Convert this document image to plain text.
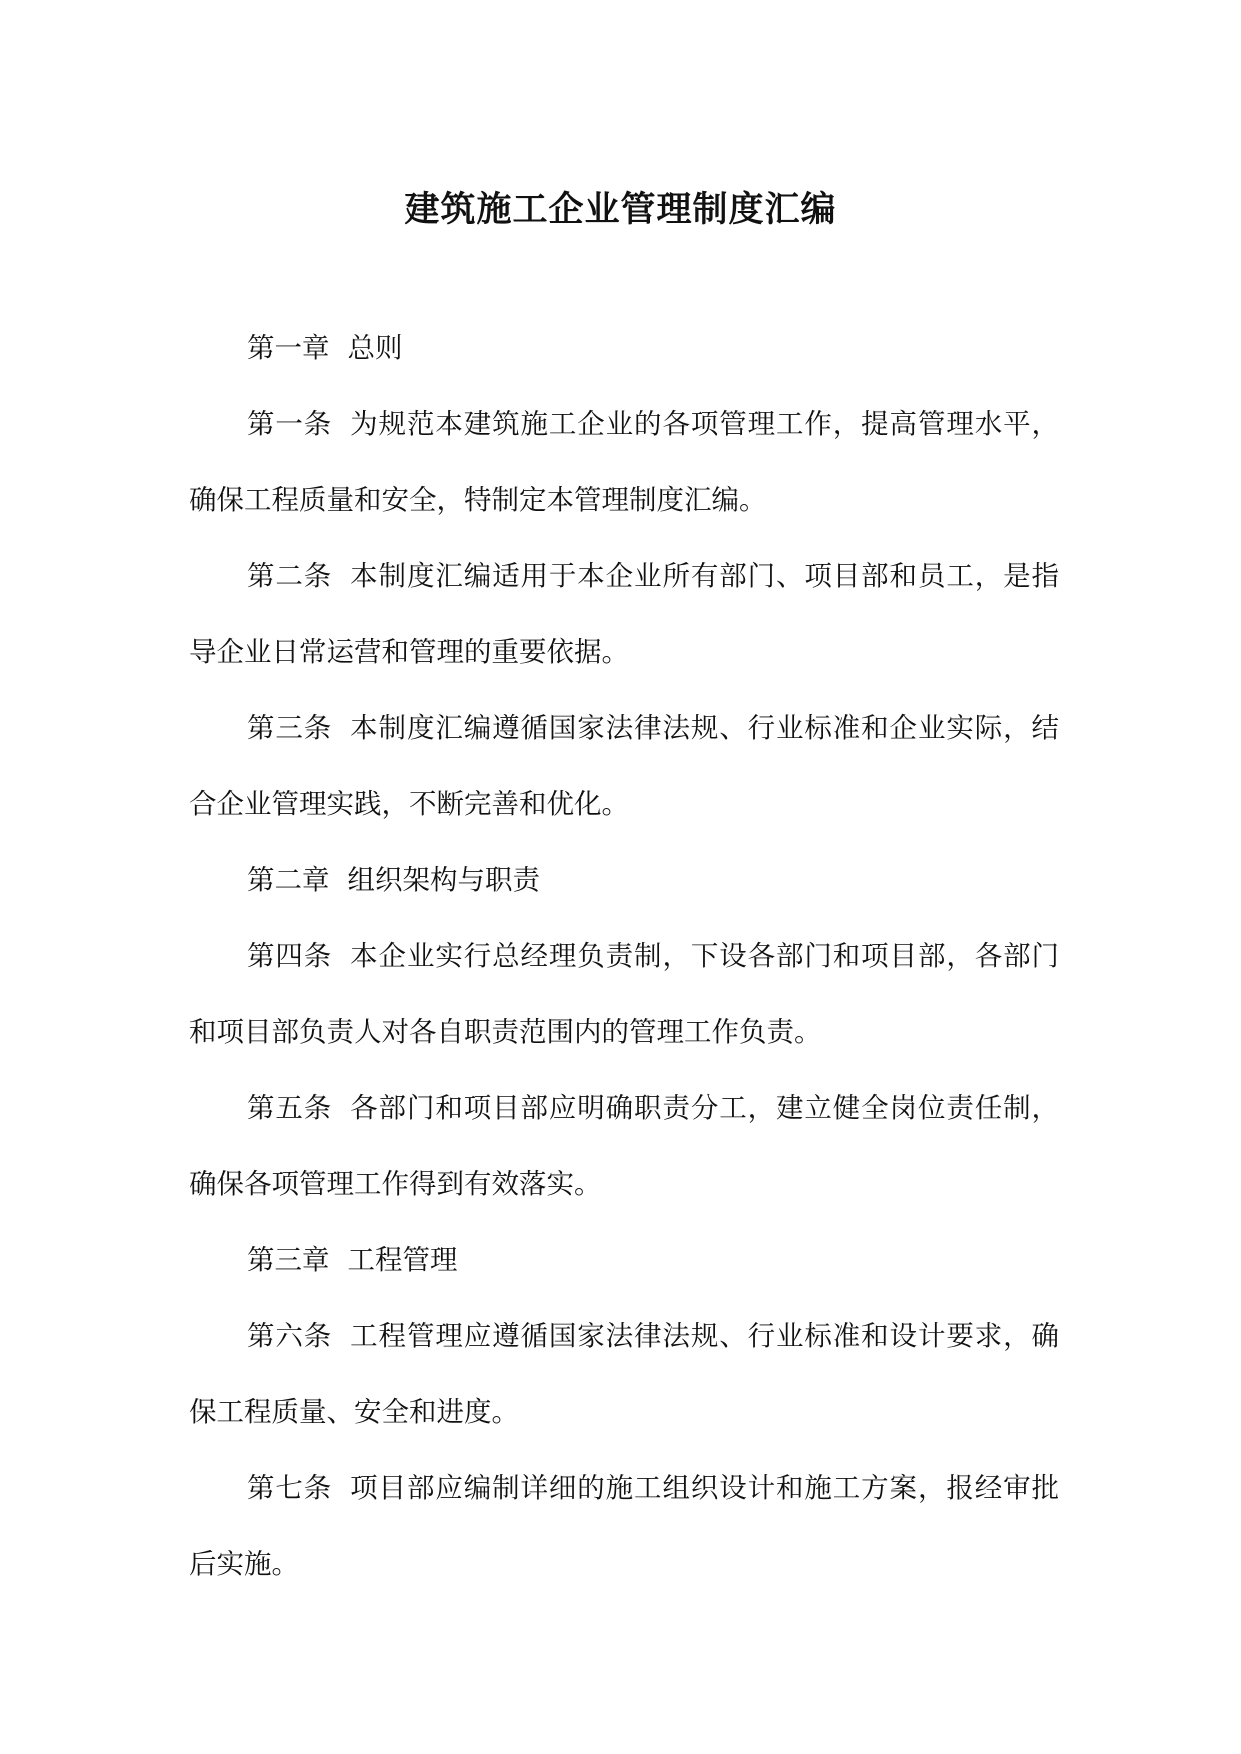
建筑施工企业管理制度汇编

第一章 总则

第一条 为规范本建筑施工企业的各项管理工作，提高管理水平，确保工程质量和安全，特制定本管理制度汇编。

第二条 本制度汇编适用于本企业所有部门、项目部和员工，是指导企业日常运营和管理的重要依据。

第三条 本制度汇编遵循国家法律法规、行业标准和企业实际，结合企业管理实践，不断完善和优化。

第二章 组织架构与职责

第四条 本企业实行总经理负责制，下设各部门和项目部，各部门和项目部负责人对各自职责范围内的管理工作负责。

第五条 各部门和项目部应明确职责分工，建立健全岗位责任制，确保各项管理工作得到有效落实。

第三章 工程管理

第六条 工程管理应遵循国家法律法规、行业标准和设计要求，确保工程质量、安全和进度。

第七条 项目部应编制详细的施工组织设计和施工方案，报经审批后实施。
